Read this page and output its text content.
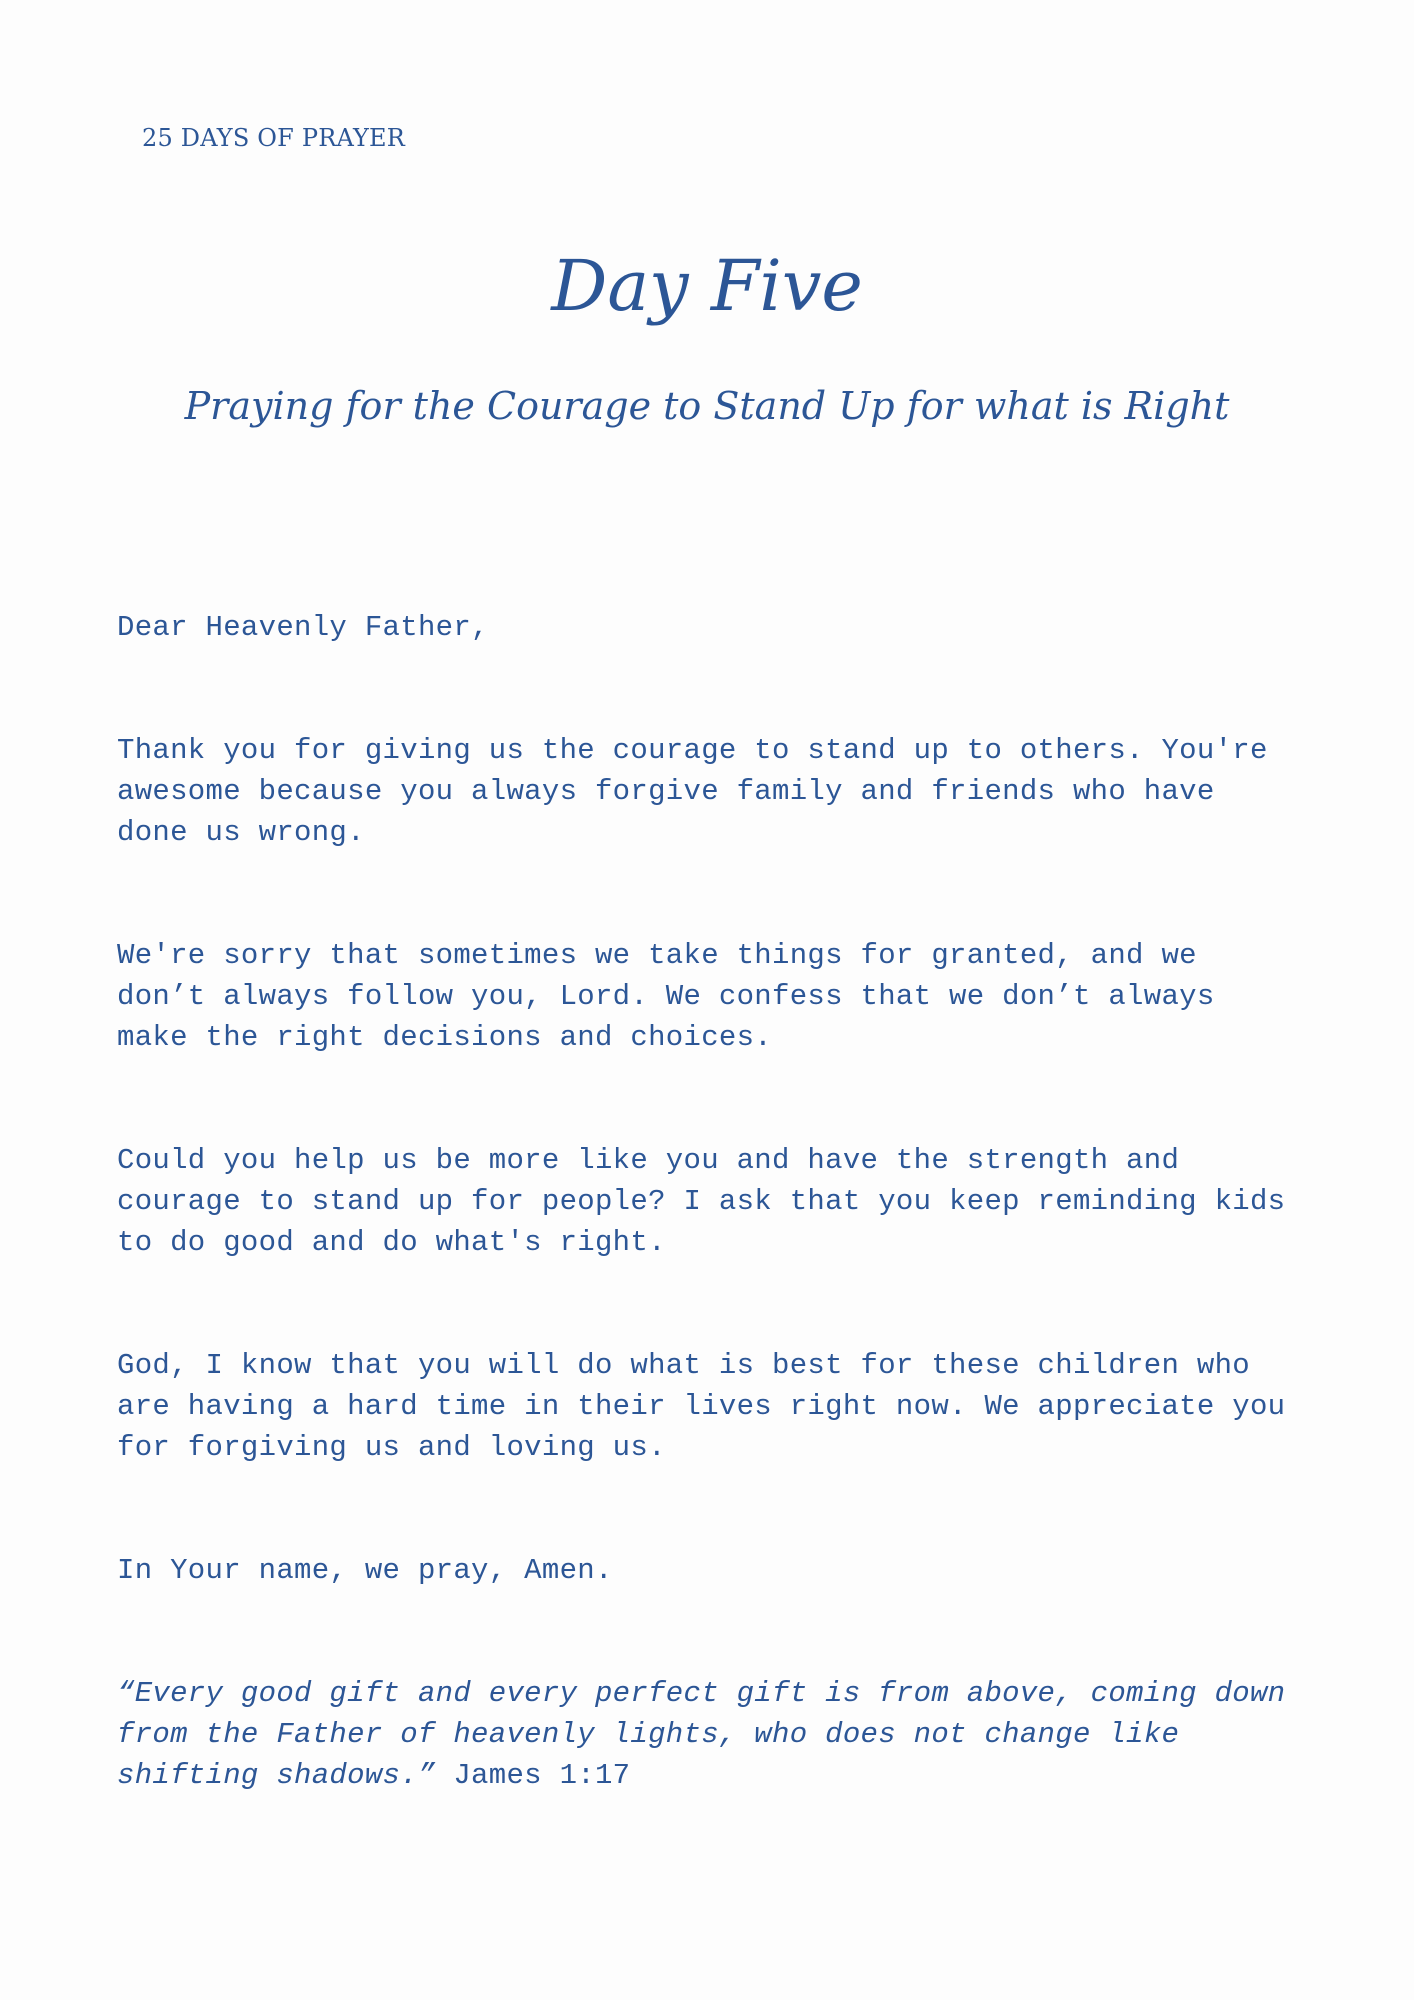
25 DAYS OF PRAYER
Day Five
Praying for the Courage to Stand Up for what is Right

Dear Heavenly Father,

Thank you for giving us the courage to stand up to others. You're
awesome because you always forgive family and friends who have
done us wrong.

We're sorry that sometimes we take things for granted, and we
don’t always follow you, Lord. We confess that we don’t always
make the right decisions and choices.

Could you help us be more like you and have the strength and
courage to stand up for people? I ask that you keep reminding kids
to do good and do what's right.

God, I know that you will do what is best for these children who
are having a hard time in their lives right now. We appreciate you
for forgiving us and loving us.

In Your name, we pray, Amen.

“Every good gift and every perfect gift is from above, coming down
from the Father of heavenly lights, who does not change like
shifting shadows.” James 1:17
